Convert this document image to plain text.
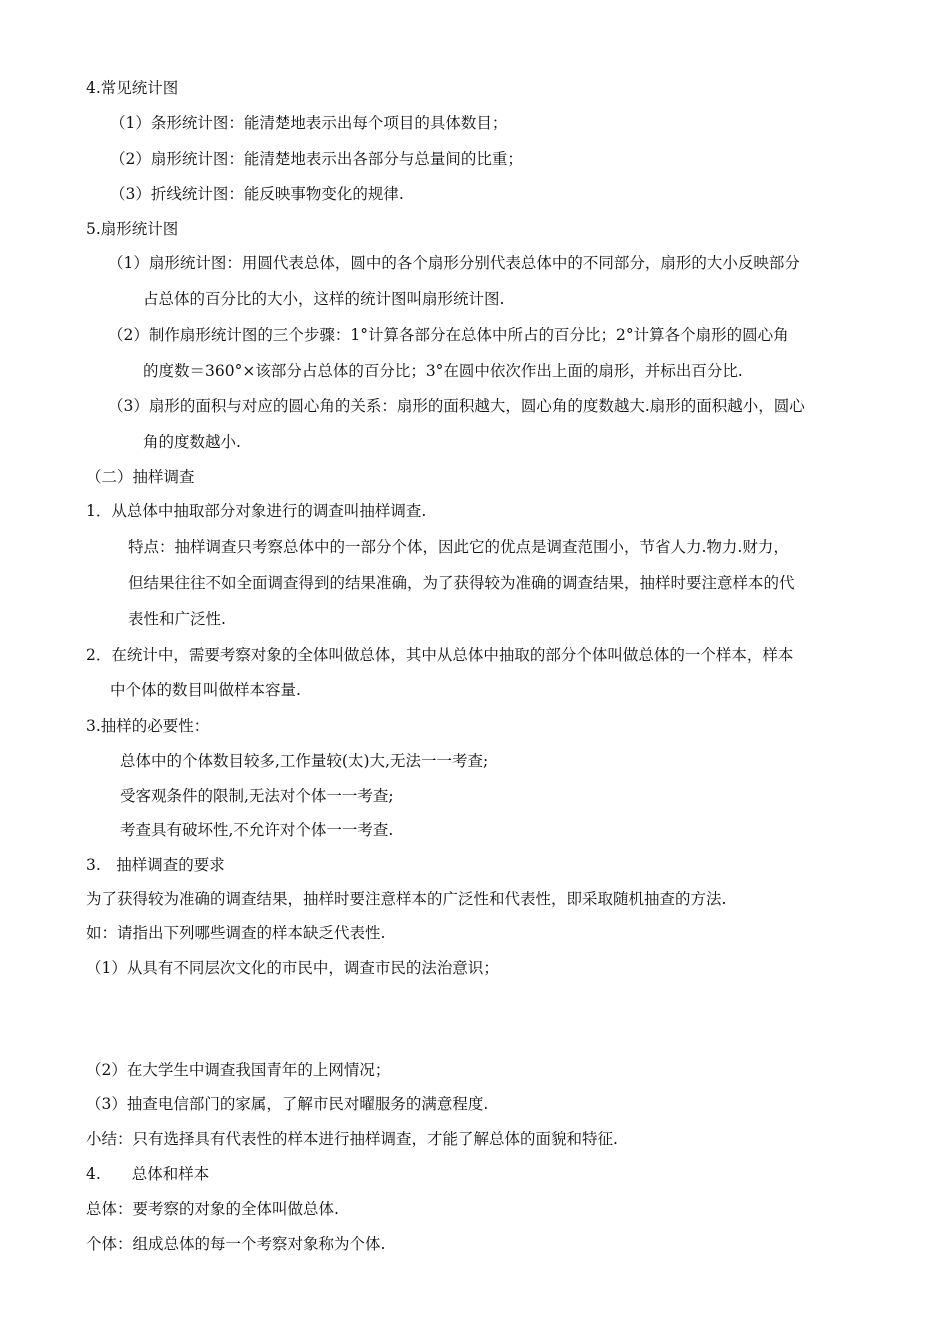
4.常见统计图
（1）条形统计图：能清楚地表示出每个项目的具体数目；
（2）扇形统计图：能清楚地表示出各部分与总量间的比重；
（3）折线统计图：能反映事物变化的规律.
5.扇形统计图
（1）扇形统计图：用圆代表总体，圆中的各个扇形分别代表总体中的不同部分，扇形的大小反映部分
占总体的百分比的大小，这样的统计图叫扇形统计图.
（2）制作扇形统计图的三个步骤：1°计算各部分在总体中所占的百分比；2°计算各个扇形的圆心角
的度数＝360°×该部分占总体的百分比；3°在圆中依次作出上面的扇形，并标出百分比.
（3）扇形的面积与对应的圆心角的关系：扇形的面积越大，圆心角的度数越大.扇形的面积越小，圆心
角的度数越小.
（二）抽样调查
1．从总体中抽取部分对象进行的调查叫抽样调查.
特点：抽样调查只考察总体中的一部分个体，因此它的优点是调查范围小，节省人力.物力.财力，
但结果往往不如全面调查得到的结果准确，为了获得较为准确的调查结果，抽样时要注意样本的代
表性和广泛性.
2．在统计中，需要考察对象的全体叫做总体，其中从总体中抽取的部分个体叫做总体的一个样本，样本
中个体的数目叫做样本容量.
3.抽样的必要性：
总体中的个体数目较多,工作量较(太)大,无法一一考查;
受客观条件的限制,无法对个体一一考查;
考查具有破坏性,不允许对个体一一考查.
3.　抽样调查的要求
为了获得较为准确的调查结果，抽样时要注意样本的广泛性和代表性，即采取随机抽查的方法.
如：请指出下列哪些调查的样本缺乏代表性.
（1）从具有不同层次文化的市民中，调查市民的法治意识；
（2）在大学生中调查我国青年的上网情况；
（3）抽查电信部门的家属，了解市民对曜服务的满意程度.
小结：只有选择具有代表性的样本进行抽样调查，才能了解总体的面貌和特征.
4.　　总体和样本
总体：要考察的对象的全体叫做总体.
个体：组成总体的每一个考察对象称为个体.
